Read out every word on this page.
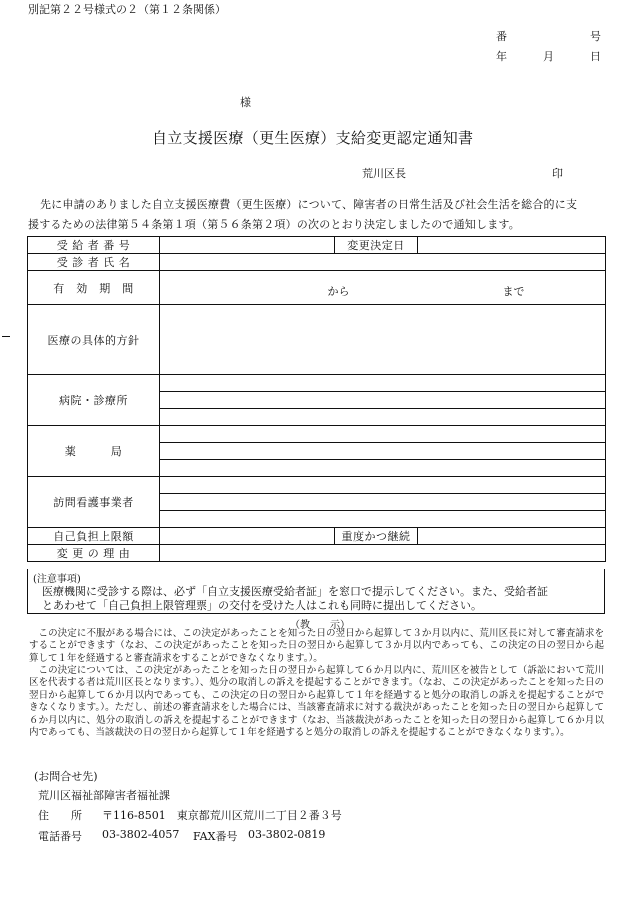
別記第２２号様式の２（第１２条関係）
番	号
年	月	日
様
自立支援医療（更生医療）支給変更認定通知書
荒川区長	印
先に申請のありました自立支援医療費（更生医療）について、障害者の日常生活及び社会生活を総合的に支
援するための法律第５４条第１項（第５６条第２項）の次のとおり決定しましたので通知します。
受 給 者 番 号		変更決定日	
受 診 者 氏 名			
有　効　期　間	から まで		

医療の具体的方針			
病院・診療所			

薬　　　局			

訪問看護事業者			

自己負担上限額		重度かつ継続	
変 更 の 理 由			
(注意事項)
医療機関に受診する際は、必ず「自立支援医療受給者証」を窓口で提示してください。また、受給者証
とあわせて「自己負担上限管理票」の交付を受けた人はこれも同時に提出してください。
（教　　示）
この決定に不服がある場合には、この決定があったことを知った日の翌日から起算して３か月以内に、荒川区長に対して審査請求をすることができます（なお、この決定があったことを知った日の翌日から起算して３か月以内であっても、この決定の日の翌日から起算して１年を経過すると審査請求をすることができなくなります。）。
この決定については、この決定があったことを知った日の翌日から起算して６か月以内に、荒川区を被告として（訴訟において荒川区を代表する者は荒川区長となります。）、処分の取消しの訴えを提起することができます。（なお、この決定があったことを知った日の翌日から起算して６か月以内であっても、この決定の日の翌日から起算して１年を経過すると処分の取消しの訴えを提起することができなくなります。）。ただし、前述の審査請求をした場合には、当該審査請求に対する裁決があったことを知った日の翌日から起算して６か月以内に、処分の取消しの訴えを提起することができます（なお、当該裁決があったことを知った日の翌日から起算して６か月以内であっても、当該裁決の日の翌日から起算して１年を経過すると処分の取消しの訴えを提起することができなくなります。）。
(お問合せ先)
荒川区福祉部障害者福祉課
住　　所 〒116-8501　東京都荒川区荒川二丁目２番３号
電話番号 03-3802-4057 FAX番号 03-3802-0819
